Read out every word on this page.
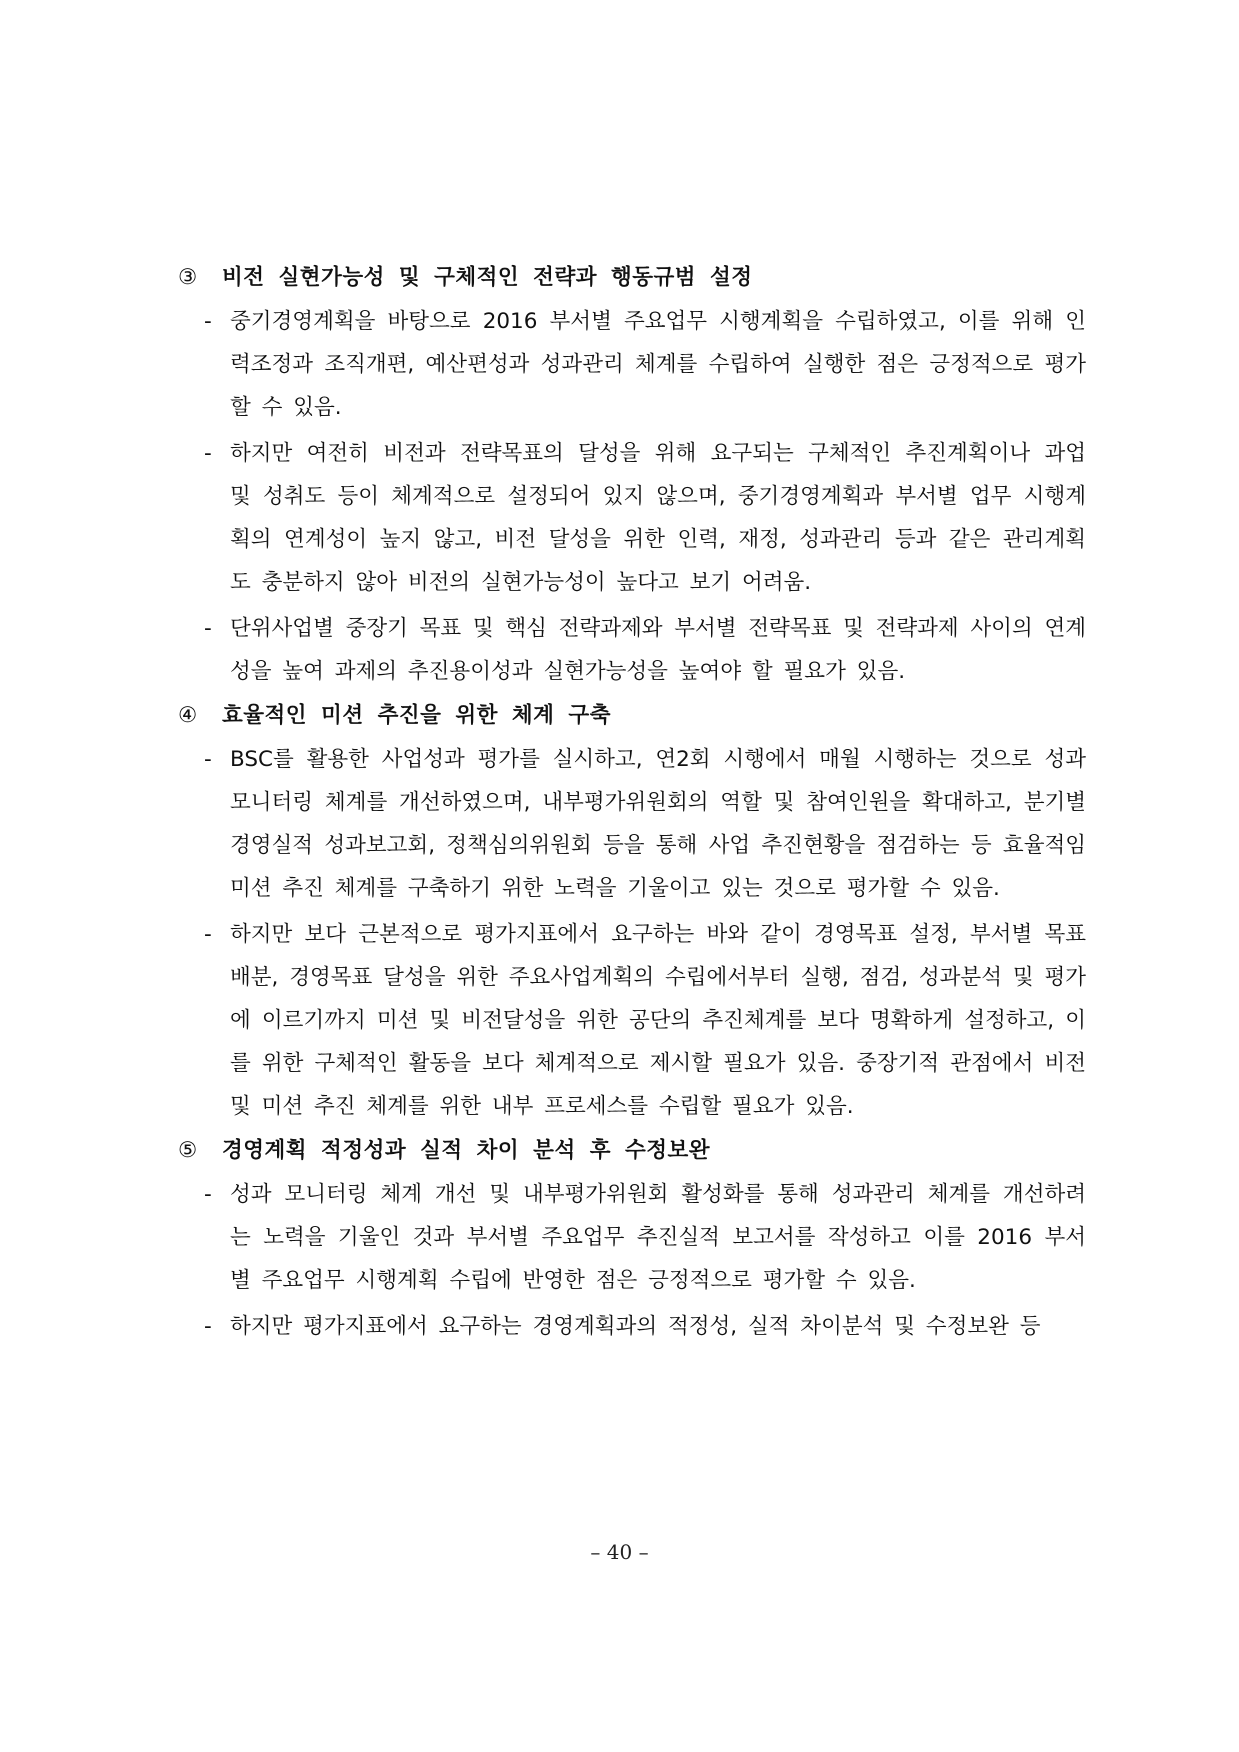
③ 비전 실현가능성 및 구체적인 전략과 행동규범 설정
- 중기경영계획을 바탕으로 2016 부서별 주요업무 시행계획을 수립하였고, 이를 위해 인력조정과 조직개편, 예산편성과 성과관리 체계를 수립하여 실행한 점은 긍정적으로 평가할 수 있음.
- 하지만 여전히 비전과 전략목표의 달성을 위해 요구되는 구체적인 추진계획이나 과업 및 성취도 등이 체계적으로 설정되어 있지 않으며, 중기경영계획과 부서별 업무 시행계획의 연계성이 높지 않고, 비전 달성을 위한 인력, 재정, 성과관리 등과 같은 관리계획도 충분하지 않아 비전의 실현가능성이 높다고 보기 어려움.
- 단위사업별 중장기 목표 및 핵심 전략과제와 부서별 전략목표 및 전략과제 사이의 연계성을 높여 과제의 추진용이성과 실현가능성을 높여야 할 필요가 있음.
④ 효율적인 미션 추진을 위한 체계 구축
- BSC를 활용한 사업성과 평가를 실시하고, 연2회 시행에서 매월 시행하는 것으로 성과 모니터링 체계를 개선하였으며, 내부평가위원회의 역할 및 참여인원을 확대하고, 분기별 경영실적 성과보고회, 정책심의위원회 등을 통해 사업 추진현황을 점검하는 등 효율적임 미션 추진 체계를 구축하기 위한 노력을 기울이고 있는 것으로 평가할 수 있음.
- 하지만 보다 근본적으로 평가지표에서 요구하는 바와 같이 경영목표 설정, 부서별 목표배분, 경영목표 달성을 위한 주요사업계획의 수립에서부터 실행, 점검, 성과분석 및 평가에 이르기까지 미션 및 비전달성을 위한 공단의 추진체계를 보다 명확하게 설정하고, 이를 위한 구체적인 활동을 보다 체계적으로 제시할 필요가 있음. 중장기적 관점에서 비전 및 미션 추진 체계를 위한 내부 프로세스를 수립할 필요가 있음.
⑤ 경영계획 적정성과 실적 차이 분석 후 수정보완
- 성과 모니터링 체계 개선 및 내부평가위원회 활성화를 통해 성과관리 체계를 개선하려는 노력을 기울인 것과 부서별 주요업무 추진실적 보고서를 작성하고 이를 2016 부서별 주요업무 시행계획 수립에 반영한 점은 긍정적으로 평가할 수 있음.
- 하지만 평가지표에서 요구하는 경영계획과의 적정성, 실적 차이분석 및 수정보완 등
– 40 –
